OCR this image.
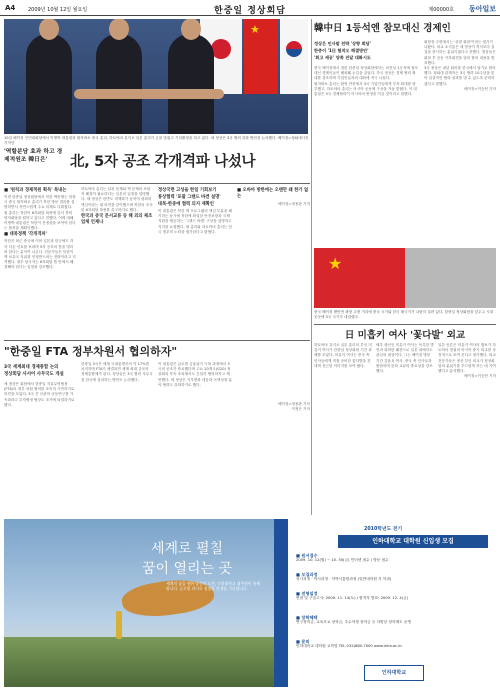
A4	2009년 10월 12일 월요일	한중일 정상회담	제00000호 동아일보
★
10일 베이징 인민대회당에서 이명박 대통령과 원자바오 중국 총리, 하토야마 유키오 일본 총리가 손을 맞잡고 기념촬영을 하고 있다. 세 정상은 3국 협력 강화 방안을 논의했다. 베이징=청와대사진기자단
'역할분담 효과 하고 경제적원조 韓日은'	北, 5자 공조 각개격파 나섰나
■ '원칙과 경제적원 획득' 북내는

이번 한중일 정상회담에서 북한 핵문제는 의장국 중국 원자바오 총리가 북한 방문 결과를 설명하면서 자연스럽게 주요 의제로 다뤄졌다. 원 총리는 북한이 6자회담 복귀에 앞서 북미 양자회담을 원하고 있다고 전했다. 이에 대해 이명박 대통령은 북한이 진정성을 보여야 한다는 원칙을 재확인했다.

■ 대북정책 '각개격파'

북한은 최근 중국에 이어 일본과 한국에도 각각 다른 신호를 보내며 5자 공조의 틈을 벌리려 한다는 분석이 나온다. 전문가들은 북한이 핵 보유국 지위를 인정받으려는 전략이라고 지적했다. 정부 당국자는 6자회담 틀 안에서 해결해야 한다는 입장을 강조했다.

하토야마 총리는 납치 문제와 핵 문제의 포괄적 해결이 필요하다는 일본의 입장을 설명했다. 세 정상은 한반도 비핵화가 동북아 평화의 핵심이라는 데 의견을 같이했으며 북한의 조속한 6자회담 복귀를 촉구하기로 했다.

한국과 중국 문서교류 등 해 외의 제조업체 언제나
정상국면 고성을 한일 기회보기
통상협력 '포괄 그랜드 바겐 설명'
대북·한중에 협력 의지 재확인

이 대통령은 북한 핵 프로그램의 핵심 부분을 폐기하는 동시에 북한에 확실한 안전보장과 국제 지원을 제공하는 '그랜드 바겐' 구상을 설명하고 지지를 요청했다. 원 총리와 하토야마 총리는 한국 정부의 노력을 평가한다고 밝혔다.

■ 오바마 방한에는 오랜만 왜 한가 없는

베이징=정용관 기자

"한중일 FTA 정부차원서 협의하자"
3국 세계최대 경제통합 논의
정상회담 사서어 사무국도 개설

세 정상은 회담에서 한중일 자유무역협정(FTA)의 정부 차원 협의를 조속히 시작하기로 의견을 모았다. 3국 간 산관학 공동연구를 가속화하고 투자협정 협상도 조기에 타결하기로 했다.

한중일 3국은 세계 국내총생산의 약 17%를 차지하며 FTA가 체결되면 세계 최대 규모의 경제통합체가 된다. 정상들은 3국 협력 사무국을 한국에 설치하는 방안도 논의했다.

이 대통령은 글로벌 금융위기 극복 과정에서 3국의 공조가 중요했다며 주요 20개국(G20) 정상회의 후속 조치에서도 긴밀히 협력하자고 제안했다. 세 정상은 기후변화 대응과 녹색성장 분야 협력도 강화하기로 했다.

베이징=정용관 기자

이정은 기자

韓中日 1등석엔 참모대신 경제인
정상은 인사말 전략 '상향 회담'
한중이 '1日 협작오 해결방안'
'회고 세공' 양쪽 진달 대화시도

중국 베이징에서 열린 한중일 정상회담에서는 의전상 1등석에 참모 대신 경제인들이 배치돼 눈길을 끌었다. 각국 정상은 경제 협력 확대를 강조하며 기업인들과의 대화에 적극 나섰다.

원자바오 총리는 환영 만찬에서 3국 기업인들에게 투자 확대를 당부했고, 하토야마 총리는 아시아 공동체 구상을 거듭 밝혔다. 이 대통령은 3국 경제협력이 아시아의 번영을 이끌 것이라고 말했다.

회담장 주변에서는 '상향 회담'이라는 평가가 나왔다. 외교 소식통은 세 정상이 격식보다 실질을 중시하는 분위기였다고 전했다. 정상들은 회담 후 공동 기자회견을 열어 합의 내용을 발표했다.

3국 정상은 내년 회의를 한국에서 열기로 합의했다. 청와대 관계자는 3국 협력 10주년을 맞아 실질적인 협력 성과를 낼 수 있도록 준비하겠다고 말했다.

베이징=이승헌 기자

★
중국 베이징 톈안먼 광장 주변 거리에 중국 국기와 한국 태극기가 나란히 걸려 있다. 한중일 정상회담을 앞두고 시내 곳곳에 3국 국기가 내걸렸다.
日 미흡키 여사 '꽃다발' 외교

하토야마 유키오 일본 총리의 부인 미유키 여사가 한중일 정상회담 기간 화제를 모았다. 미유키 여사는 중국 측 인사들에게 직접 준비한 꽃다발을 건네며 친근한 이미지를 보여 줬다.

배우 출신인 미유키 여사는 독특한 발언과 화려한 패션으로 일본 내에서도 관심의 대상이다. 그는 베이징 방문 기간 김윤옥 여사, 중국 측 인사들과 환담하며 문화 교류의 중요성을 강조했다.

일본 언론은 미유키 여사의 행보가 하토야마 정권의 아시아 중시 외교를 상징적으로 보여 준다고 평가했다. 외교 전문가들은 정상 부인 외교가 정상회담의 분위기를 부드럽게 하는 데 기여했다고 분석했다.

베이징=이승헌 기자

세계로 펼칠
꿈이 열리는 곳
세계의 꿈을 향한 당신의 도전, 인하대학교 대학원이 함께합니다. 글로벌 리더로 성장할 인재를 기다립니다.
2010학년도 전기
인하대학교 대학원 신입생 모집
■ 원서접수
2009. 10. 12(월) ~ 10. 30(금) 인터넷 접수 / 방문 접수
■ 모집과정
석사과정 · 박사과정 · 석박사통합과정 (일반대학원 각 학과)
■ 전형일정
면접 및 구술고사: 2009. 11. 14(토) / 합격자 발표: 2009. 12. 4(금)
■ 장학혜택
연구장학금, 교육조교 장학금, 우수학생 장학금 등 다양한 장학제도 운영
■ 문의
인하대학교 대학원 교학팀 TEL 032)860-7000 www.inha.ac.kr
인하대학교
